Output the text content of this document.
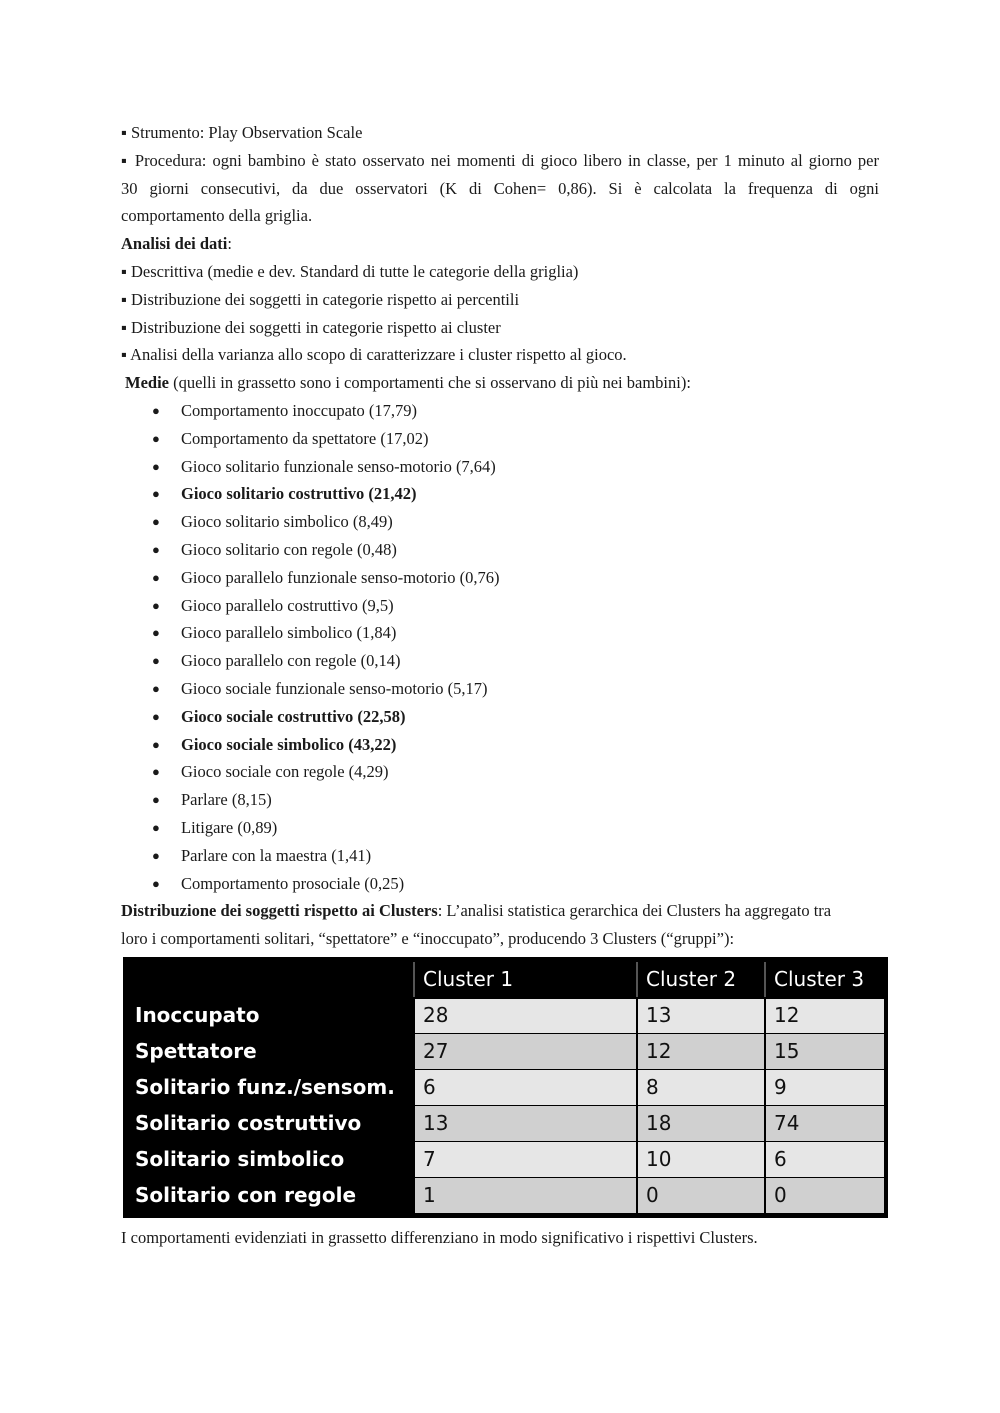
▪ Strumento: Play Observation Scale

▪ Procedura: ogni bambino è stato osservato nei momenti di gioco libero in classe, per 1 minuto al giorno per

30 giorni consecutivi, da due osservatori (K di Cohen= 0,86). Si è calcolata la frequenza di ogni

comportamento della griglia.

Analisi dei dati:

▪ Descrittiva (medie e dev. Standard di tutte le categorie della griglia)

▪ Distribuzione dei soggetti in categorie rispetto ai percentili

▪ Distribuzione dei soggetti in categorie rispetto ai cluster

▪ Analisi della varianza allo scopo di caratterizzare i cluster rispetto al gioco.

Medie (quelli in grassetto sono i comportamenti che si osservano di più nei bambini):

● Comportamento inoccupato (17,79)
● Comportamento da spettatore (17,02)
● Gioco solitario funzionale senso-motorio (7,64)
● Gioco solitario costruttivo (21,42)
● Gioco solitario simbolico (8,49)
● Gioco solitario con regole (0,48)
● Gioco parallelo funzionale senso-motorio (0,76)
● Gioco parallelo costruttivo (9,5)
● Gioco parallelo simbolico (1,84)
● Gioco parallelo con regole (0,14)
● Gioco sociale funzionale senso-motorio (5,17)
● Gioco sociale costruttivo (22,58)
● Gioco sociale simbolico (43,22)
● Gioco sociale con regole (4,29)
● Parlare (8,15)
● Litigare (0,89)
● Parlare con la maestra (1,41)
● Comportamento prosociale (0,25)

Distribuzione dei soggetti rispetto ai Clusters: L’analisi statistica gerarchica dei Clusters ha aggregato tra

loro i comportamenti solitari, “spettatore” e “inoccupato”, producendo 3 Clusters (“gruppi”):

	Cluster 1	Cluster 2	Cluster 3
Inoccupato	28	13	12
Spettatore	27	12	15
Solitario funz./sensom.	6	8	9
Solitario costruttivo	13	18	74
Solitario simbolico	7	10	6
Solitario con regole	1	0	0

I comportamenti evidenziati in grassetto differenziano in modo significativo i rispettivi Clusters.
